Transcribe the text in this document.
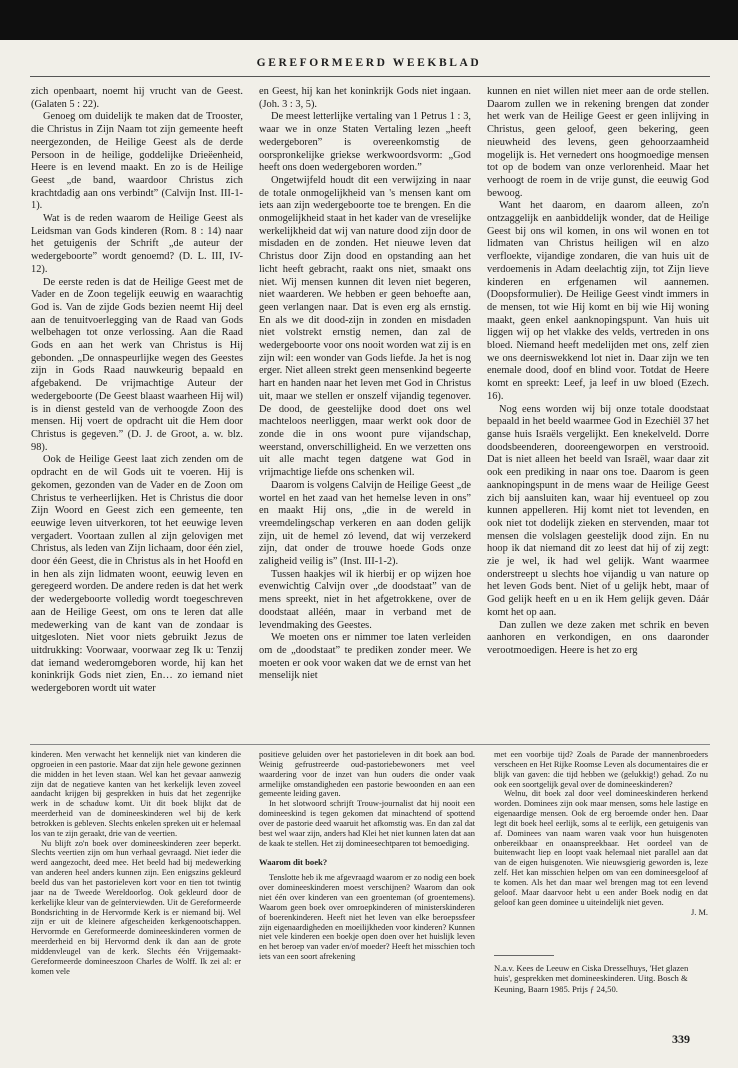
GEREFORMEERD WEEKBLAD

zich openbaart, noemt hij vrucht van de Geest. (Galaten 5 : 22).

Genoeg om duidelijk te maken dat de Trooster, die Christus in Zijn Naam tot zijn gemeente heeft neergezonden, de Heilige Geest als de derde Persoon in de heilige, goddelijke Drieëenheid, Heere is en levend maakt. En zo is de Heilige Geest „de band, waardoor Christus zich krachtdadig aan ons verbindt” (Calvijn Inst. III-1-1).

Wat is de reden waarom de Heilige Geest als Leidsman van Gods kinderen (Rom. 8 : 14) naar het getuigenis der Schrift „de auteur der wedergeboorte” wordt genoemd? (D. L. III, IV-12).

De eerste reden is dat de Heilige Geest met de Vader en de Zoon tegelijk eeuwig en waarachtig God is. Van de zijde Gods bezien neemt Hij deel aan de tenuitvoerlegging van de Raad van Gods welbehagen tot onze verlossing. Aan die Raad Gods en aan het werk van Christus is Hij gebonden. „De onnaspeurlijke wegen des Geestes zijn in Gods Raad nauwkeurig bepaald en afgebakend. De vrijmachtige Auteur der wedergeboorte (De Geest blaast waarheen Hij wil) is in dienst gesteld van de verhoogde Zoon des mensen. Hij voert de opdracht uit die Hem door Christus is gegeven.” (D. J. de Groot, a. w. blz. 98).

Ook de Heilige Geest laat zich zenden om de opdracht en de wil Gods uit te voeren. Hij is gekomen, gezonden van de Vader en de Zoon om Christus te verheerlijken. Het is Christus die door Zijn Woord en Geest zich een gemeente, ten eeuwige leven uitverkoren, tot het eeuwige leven vergadert. Voortaan zullen al zijn gelovigen met Christus, als leden van Zijn lichaam, door één ziel, door één Geest, die in Christus als in het Hoofd en in hen als zijn lidmaten woont, eeuwig leven en geregeerd worden. De andere reden is dat het werk der wedergeboorte volledig wordt toegeschreven aan de Heilige Geest, om ons te leren dat alle medewerking van de kant van de zondaar is uitgesloten. Niet voor niets gebruikt Jezus de uitdrukking: Voorwaar, voorwaar zeg Ik u: Tenzij dat iemand wederomgeboren worde, hij kan het koninkrijk Gods niet zien, En… zo iemand niet wedergeboren wordt uit water

en Geest, hij kan het koninkrijk Gods niet ingaan. (Joh. 3 : 3, 5).

De meest letterlijke vertaling van 1 Petrus 1 : 3, waar we in onze Staten Vertaling lezen „heeft wedergeboren” is overeenkomstig de oorspronkelijke griekse werkwoordsvorm: „God heeft ons doen wedergeboren worden.”

Ongetwijfeld houdt dit een verwijzing in naar de totale onmogelijkheid van 's mensen kant om iets aan zijn wedergeboorte toe te brengen. En die onmogelijkheid staat in het kader van de vreselijke werkelijkheid dat wij van nature dood zijn door de misdaden en de zonden. Het nieuwe leven dat Christus door Zijn dood en opstanding aan het licht heeft gebracht, raakt ons niet, smaakt ons niet. Wij mensen kunnen dit leven niet begeren, niet waarderen. We hebben er geen behoefte aan, geen verlangen naar. Dat is even erg als ernstig. En als we dit dood-zijn in zonden en misdaden niet volstrekt ernstig nemen, dan zal de wedergeboorte voor ons nooit worden wat zij is en zijn wil: een wonder van Gods liefde. Ja het is nog erger. Niet alleen strekt geen mensenkind begeerte hart en handen naar het leven met God in Christus uit, maar we stellen er onszelf vijandig tegenover. De dood, de geestelijke dood doet ons wel machteloos neerliggen, maar werkt ook door de zonde die in ons woont pure vijandschap, weerstand, onverschilligheid. En we verzetten ons uit alle macht tegen datgene wat God in vrijmachtige liefde ons schenken wil.

Daarom is volgens Calvijn de Heilige Geest „de wortel en het zaad van het hemelse leven in ons” en maakt Hij ons, „die in de wereld in vreemdelingschap verkeren en aan doden gelijk zijn, uit de hemel zó levend, dat wij verzekerd zijn, dat onder de trouwe hoede Gods onze zaligheid veilig is” (Inst. III-1-2).

Tussen haakjes wil ik hierbij er op wijzen hoe evenwichtig Calvijn over „de doodstaat” van de mens spreekt, niet in het afgetrokkene, over de doodstaat alléén, maar in verband met de levendmaking des Geestes.

We moeten ons er nimmer toe laten verleiden om de „doodstaat” te prediken zonder meer. We moeten er ook voor waken dat we de ernst van het menselijk niet

kunnen en niet willen niet meer aan de orde stellen. Daarom zullen we in rekening brengen dat zonder het werk van de Heilige Geest er geen inlijving in Christus, geen geloof, geen bekering, geen nieuwheid des levens, geen gehoorzaamheid mogelijk is. Het vernedert ons hoogmoedige mensen tot op de bodem van onze verlorenheid. Maar het verhoogt de roem in de vrije gunst, die eeuwig God bewoog.

Want het daarom, en daarom alleen, zo'n ontzaggelijk en aanbiddelijk wonder, dat de Heilige Geest bij ons wil komen, in ons wil wonen en tot lidmaten van Christus heiligen wil en alzo verfloekte, vijandige zondaren, die van huis uit de verdoemenis in Adam deelachtig zijn, tot Zijn lieve kinderen en erfgenamen wil aannemen. (Doopsformulier). De Heilige Geest vindt immers in de mensen, tot wie Hij komt en bij wie Hij woning maakt, geen enkel aanknopingspunt. Van huis uit liggen wij op het vlakke des velds, vertreden in ons bloed. Niemand heeft medelijden met ons, zelf zien we ons deerniswekkend lot niet in. Daar zijn we ten enemale dood, doof en blind voor. Totdat de Heere komt en spreekt: Leef, ja leef in uw bloed (Ezech. 16).

Nog eens worden wij bij onze totale doodstaat bepaald in het beeld waarmee God in Ezechiël 37 het ganse huis Israëls vergelijkt. Een knekelveld. Dorre doodsbeenderen, dooreengeworpen en verstrooid. Dat is niet alleen het beeld van Israël, waar daar zit ook een prediking in naar ons toe. Daarom is geen aanknopingspunt in de mens waar de Heilige Geest zich bij aansluiten kan, waar hij eventueel op zou kunnen appelleren. Hij komt niet tot levenden, en ook niet tot dodelijk zieken en stervenden, maar tot mensen die volslagen geestelijk dood zijn. En nu hoop ik dat niemand dit zo leest dat hij of zij zegt: zie je wel, ik had wel gelijk. Want waarmee onderstreept u slechts hoe vijandig u van nature op het leven Gods bent. Niet of u gelijk hebt, maar of God gelijk heeft en u en ik Hem gelijk geven. Dáár komt het op aan.

Dan zullen we deze zaken met schrik en beven aanhoren en verkondigen, en ons daaronder verootmoedigen. Heere is het zo erg

kinderen. Men verwacht het kennelijk niet van kinderen die opgroeien in een pastorie. Maar dat zijn hele gewone gezinnen die midden in het leven staan. Wel kan het gevaar aanwezig zijn dat de negatieve kanten van het kerkelijk leven zoveel aandacht krijgen bij gesprekken in huis dat het zegenrijke werk in de schaduw komt. Uit dit boek blijkt dat de meerderheid van de domineeskinderen wel bij de kerk betrokken is gebleven. Slechts enkelen spreken uit er helemaal los van te zijn geraakt, drie van de veertien.

Nu blijft zo'n boek over domineeskinderen zeer beperkt. Slechts veertien zijn om hun verhaal gevraagd. Niet ieder die werd aangezocht, deed mee. Het beeld had bij medewerking van anderen heel anders kunnen zijn. Een enigszins gekleurd beeld dus van het pastorieleven kort voor en tien tot twintig jaar na de Tweede Wereldoorlog. Ook gekleurd door de kerkelijke kleur van de geïnterviewden. Uit de Gereformeerde Bondsrichting in de Hervormde Kerk is er niemand bij. Wel zijn er uit de kleinere afgescheiden kerkgenootschappen. Hervormde en Gereformeerde domineeskinderen vormen de meerderheid en bij Hervormd denk ik dan aan de grote middenvleugel van de kerk. Slechts één Vrijgemaakt-Gereformeerde domineeszoon Charles de Wolff. Ik zei al: er komen vele

positieve geluiden over het pastorieleven in dit boek aan bod. Weinig gefrustreerde oud-pastoriebewoners met veel waardering voor de inzet van hun ouders die onder vaak armelijke omstandigheden een pastorie bewoonden en aan een gemeente leiding gaven.

In het slotwoord schrijft Trouw-journalist dat hij nooit een domineeskind is tegen gekomen dat minachtend of spottend over de pastorie deed waaruit het afkomstig was. En dan zal dat best wel waar zijn, anders had Klei het niet kunnen laten dat aan de kaak te stellen. Het zij domineesechtparen tot bemoediging.

Waarom dit boek?

Tenslotte heb ik me afgevraagd waarom er zo nodig een boek over domineeskinderen moest verschijnen? Waarom dan ook niet één over kinderen van een groenteman (of groentemens). Waarom geen boek over omroepkinderen of ministerskinderen of boerenkinderen. Heeft niet het leven van elke beroepssfeer zijn eigenaardigheden en moeilijkheden voor kinderen? Kunnen niet vele kinderen een boekje open doen over het huislijk leven en het beroep van vader en/of moeder? Heeft het misschien toch iets van een soort afrekening

met een voorbije tijd? Zoals de Parade der mannenbroeders verscheen en Het Rijke Roomse Leven als documentaires die er blijk van gaven: die tijd hebben we (gelukkig!) gehad. Zo nu ook een soortgelijk geval over de domineeskinderen?

Welnu, dit boek zal door veel domineeskinderen herkend worden. Dominees zijn ook maar mensen, soms hele lastige en eigenaardige mensen. Ook de erg beroemde onder hen. Daar legt dit boek heel eerlijk, soms al te eerlijk, een getuigenis van af. Dominees van naam waren vaak voor hun huisgenoten onbereikbaar en onaanspreekbaar. Het oordeel van de buitenwacht liep en loopt vaak helemaal niet parallel aan dat van de eigen huisgenoten. Wie nieuwsgierig geworden is, leze zelf. Het kan misschien helpen om van een domineesgeloof af te komen. Als het dan maar wel brengen mag tot een levend geloof. Maar daarvoor hebt u een ander Boek nodig en dat geloof kan geen dominee u uiteindelijk niet geven.

J. M.

N.a.v. Kees de Leeuw en Ciska Dresselhuys, 'Het glazen huis', gesprekken met domineeskinderen. Uitg. Bosch & Keuning, Baarn 1985. Prijs ƒ 24,50.

339
